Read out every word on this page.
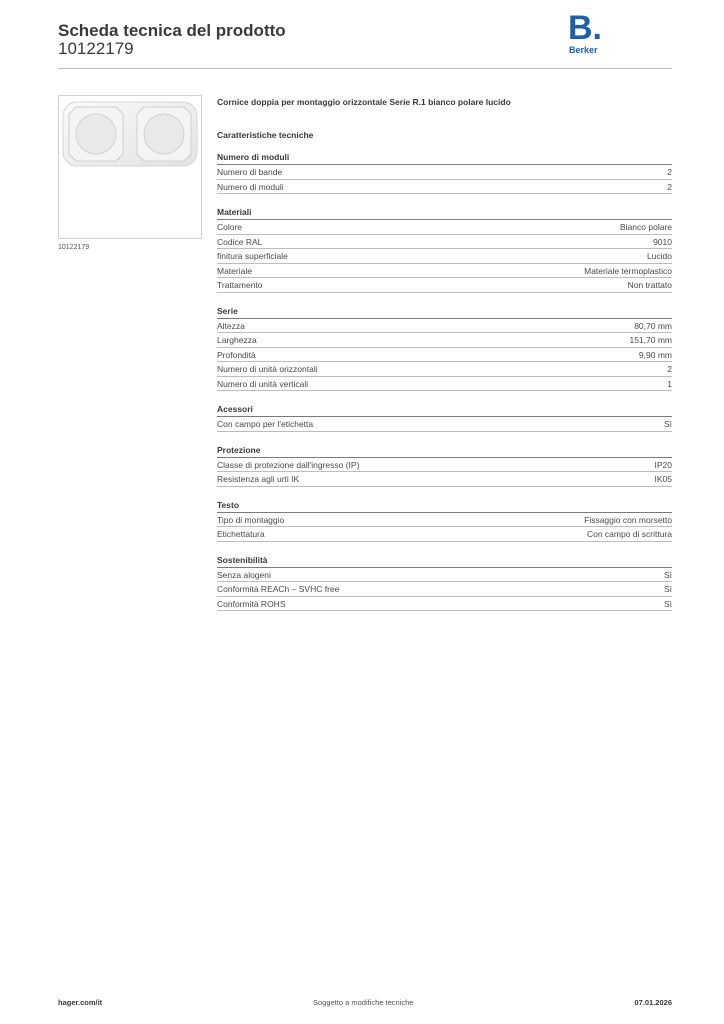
Scheda tecnica del prodotto
10122179
B.
Berker
10122179
Cornice doppia per montaggio orizzontale Serie R.1 bianco polare lucido
Caratteristiche tecniche
Numero di moduli
Numero di bande	2
Numero di moduli	2
Materiali
Colore	Bianco polare
Codice RAL	9010
finitura superficiale	Lucido
Materiale	Materiale termoplastico
Trattamento	Non trattato
Serie
Altezza	80,70 mm
Larghezza	151,70 mm
Profondità	9,90 mm
Numero di unità orizzontali	2
Numero di unità verticali	1
Acessori
Con campo per l'etichetta	Sì
Protezione
Classe di protezione dall'ingresso (IP)	IP20
Resistenza agli urti IK	IK05
Testo
Tipo di montaggio	Fissaggio con morsetto
Etichettatura	Con campo di scrittura
Sostenibilità
Senza alogeni	Sì
Conformità REACh – SVHC free	Sì
Conformità ROHS	Sì
hager.com/it	Soggetto a modifiche tecniche	07.01.2026
